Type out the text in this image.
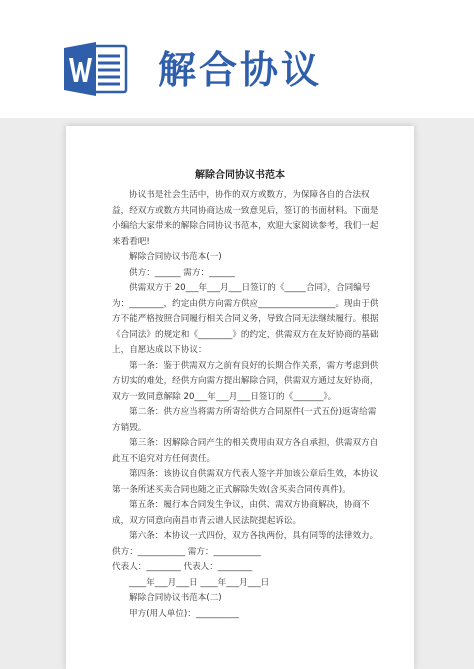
解合协议
解除合同协议书范本

协议书是社会生活中，协作的双方或数方，为保障各自的合法权益，经双方或数方共同协商达成一致意见后，签订的书面材料。下面是小编给大家带来的解除合同协议书范本，欢迎大家阅读参考，我们一起来看看吧!

解除合同协议书范本(一)

供方：______ 需方：______

供需双方于 20___年___月___日签订的《_____合同》，合同编号为：________，约定由供方向需方供应__________________。现由于供方不能严格按照合同履行相关合同义务，导致合同无法继续履行。根据《合同法》的规定和《________》的约定，供需双方在友好协商的基础上，自愿达成以下协议：

第一条：鉴于供需双方之前有良好的长期合作关系，需方考虑到供方切实的难处，经供方向需方提出解除合同，供需双方通过友好协商，双方一致同意解除 20___年___月___日签订的《_______》。

第二条：供方应当将需方所寄给供方合同原件(一式五份)返寄给需方销毁。

第三条：因解除合同产生的相关费用由双方各自承担，供需双方自此互不追究对方任何责任。

第四条：该协议自供需双方代表人签字并加该公章后生效，本协议第一条所述买卖合同也随之正式解除失效(含买卖合同传真件)。

第五条：履行本合同发生争议，由供、需双方协商解决，协商不成，双方同意向南昌市青云谱人民法院提起诉讼。

第六条：本协议一式四份，双方各执两份，具有同等的法律效力。

供方：___________ 需方：___________

代表人：________ 代表人：________

____年___月___日 ____年___月___日

解除合同协议书范本(二)

甲方(用人单位)：__________
